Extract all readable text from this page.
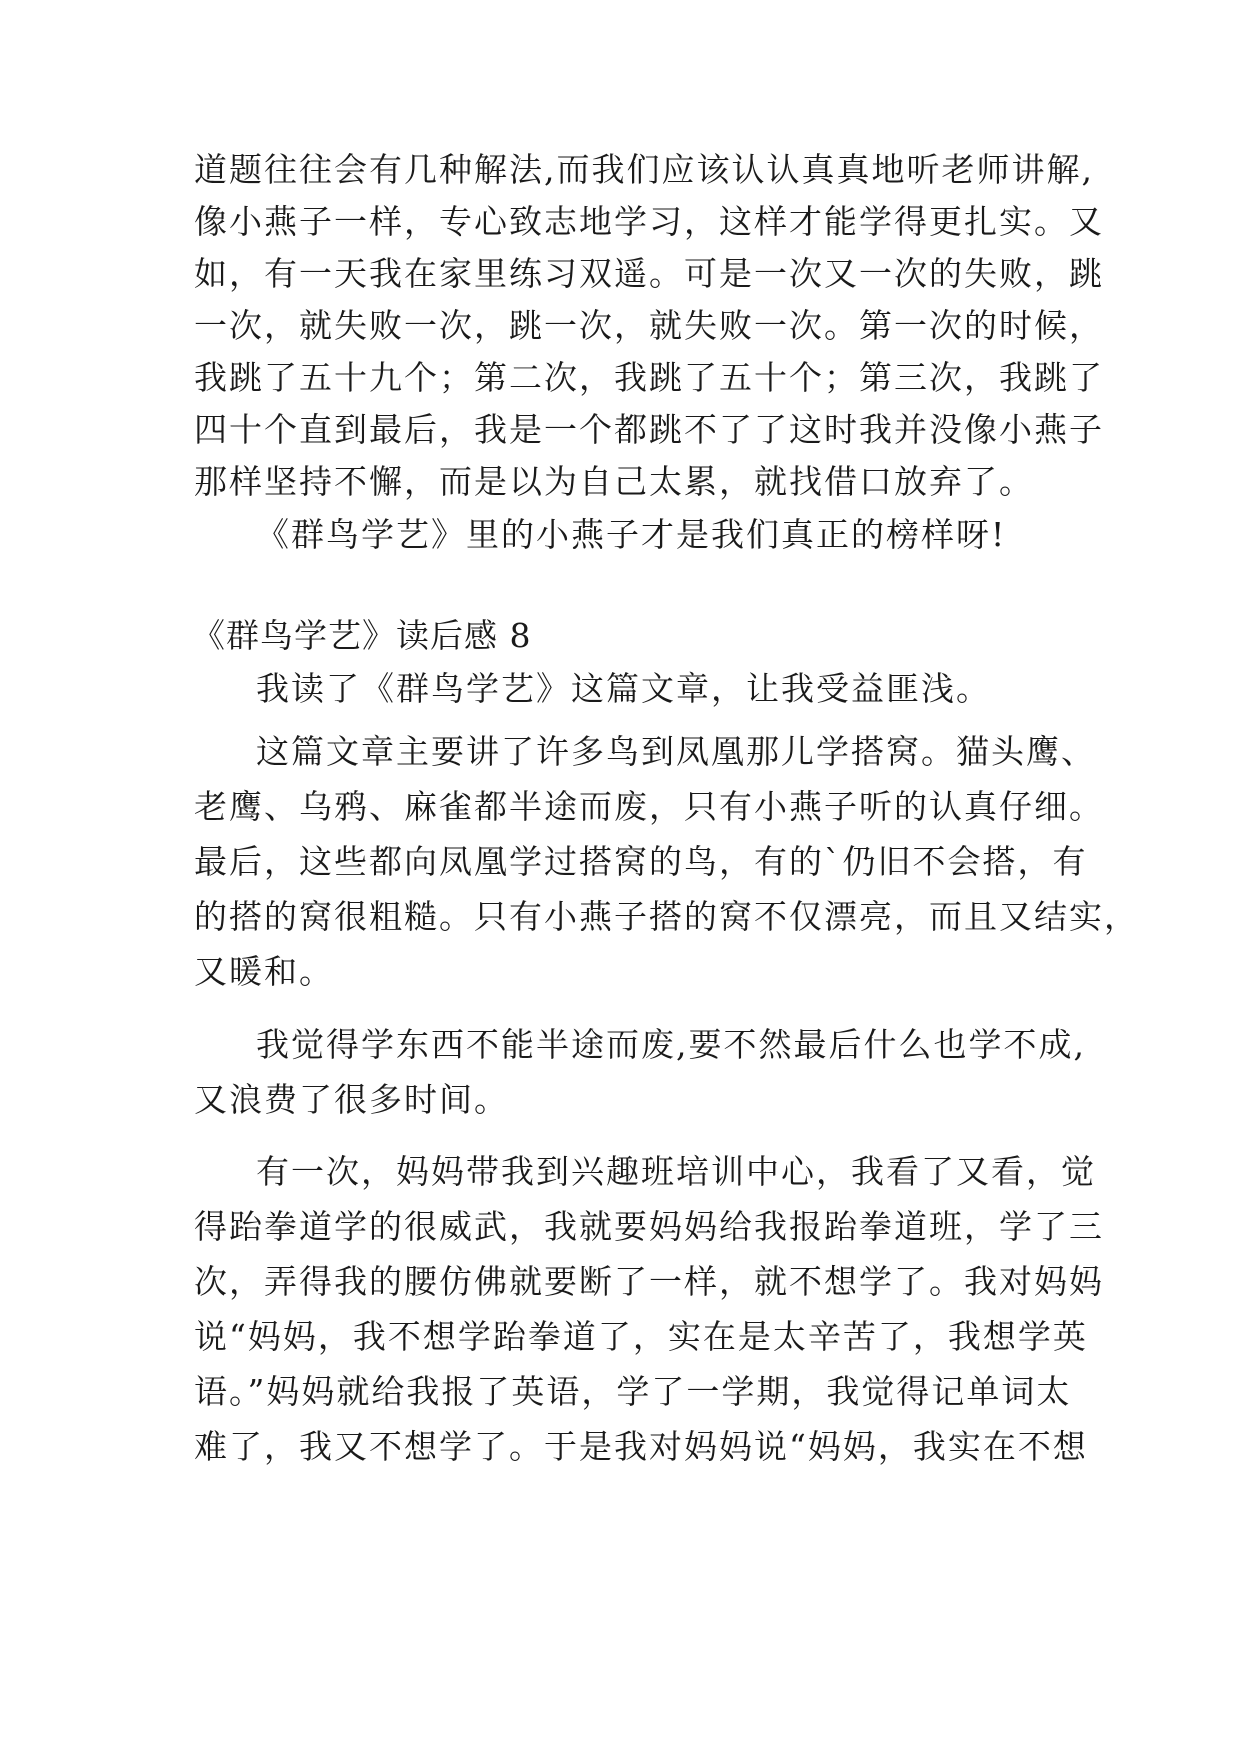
道题往往会有几种解法,而我们应该认认真真地听老师讲解,
像小燕子一样，专心致志地学习，这样才能学得更扎实。又
如，有一天我在家里练习双遥。可是一次又一次的失败，跳
一次，就失败一次，跳一次，就失败一次。第一次的时候，
我跳了五十九个；第二次，我跳了五十个；第三次，我跳了
四十个直到最后，我是一个都跳不了了这时我并没像小燕子
那样坚持不懈，而是以为自己太累，就找借口放弃了。
《群鸟学艺》里的小燕子才是我们真正的榜样呀!
《群鸟学艺》读后感 8
我读了《群鸟学艺》这篇文章，让我受益匪浅。
这篇文章主要讲了许多鸟到凤凰那儿学搭窝。猫头鹰、
老鹰、乌鸦、麻雀都半途而废，只有小燕子听的认真仔细。
最后，这些都向凤凰学过搭窝的鸟，有的`仍旧不会搭，有
的搭的窝很粗糙。只有小燕子搭的窝不仅漂亮，而且又结实，
又暖和。
我觉得学东西不能半途而废,要不然最后什么也学不成,
又浪费了很多时间。
有一次，妈妈带我到兴趣班培训中心，我看了又看，觉
得跆拳道学的很威武，我就要妈妈给我报跆拳道班，学了三
次，弄得我的腰仿佛就要断了一样，就不想学了。我对妈妈
说“妈妈，我不想学跆拳道了，实在是太辛苦了，我想学英
语。”妈妈就给我报了英语，学了一学期，我觉得记单词太
难了，我又不想学了。于是我对妈妈说“妈妈，我实在不想
